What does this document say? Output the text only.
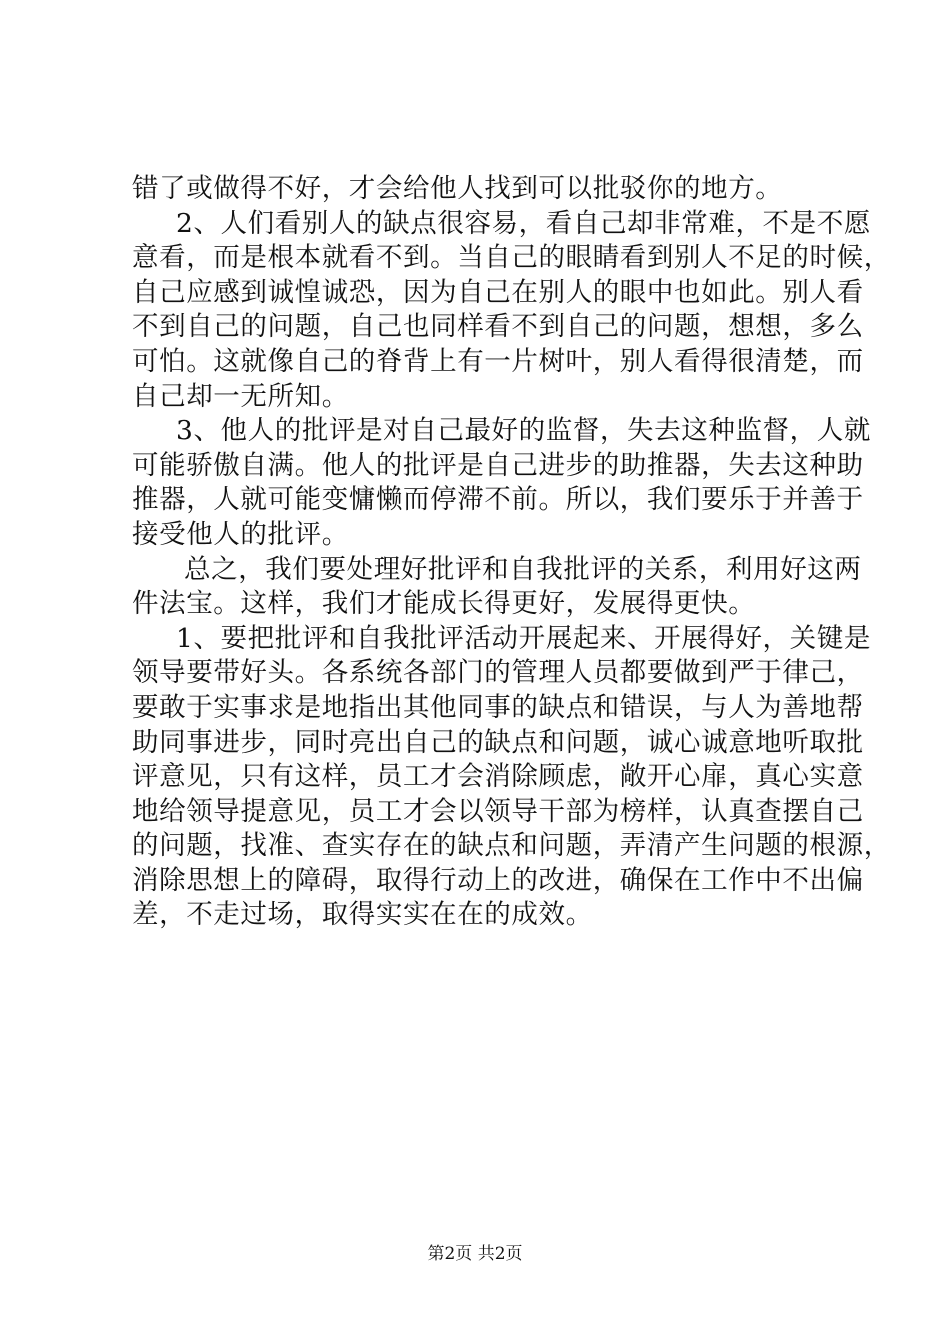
错了或做得不好，才会给他人找到可以批驳你的地方。
2、人们看别人的缺点很容易，看自己却非常难，不是不愿
意看，而是根本就看不到。当自己的眼睛看到别人不足的时候，
自己应感到诚惶诚恐，因为自己在别人的眼中也如此。别人看
不到自己的问题，自己也同样看不到自己的问题，想想，多么
可怕。这就像自己的脊背上有一片树叶，别人看得很清楚，而
自己却一无所知。
3、他人的批评是对自己最好的监督，失去这种监督，人就
可能骄傲自满。他人的批评是自己进步的助推器，失去这种助
推器，人就可能变慵懒而停滞不前。所以，我们要乐于并善于
接受他人的批评。
总之，我们要处理好批评和自我批评的关系，利用好这两
件法宝。这样，我们才能成长得更好，发展得更快。
1、要把批评和自我批评活动开展起来、开展得好，关键是
领导要带好头。各系统各部门的管理人员都要做到严于律己，
要敢于实事求是地指出其他同事的缺点和错误，与人为善地帮
助同事进步，同时亮出自己的缺点和问题，诚心诚意地听取批
评意见，只有这样，员工才会消除顾虑，敞开心扉，真心实意
地给领导提意见，员工才会以领导干部为榜样，认真查摆自己
的问题，找准、查实存在的缺点和问题，弄清产生问题的根源，
消除思想上的障碍，取得行动上的改进，确保在工作中不出偏
差，不走过场，取得实实在在的成效。
第2页 共2页
